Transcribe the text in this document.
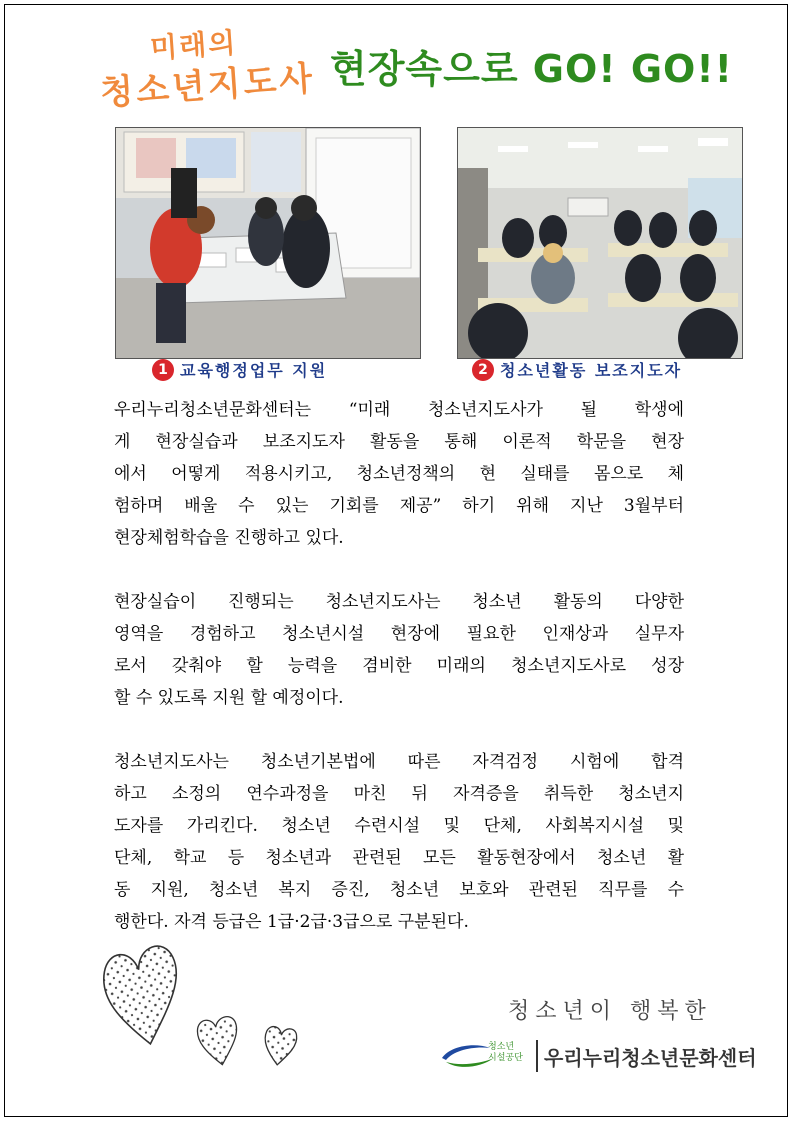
미래의
청소년지도사 현장속으로 GO! GO!!
1 교육행정업무 지원	2 청소년활동 보조지도자
우리누리청소년문화센터는 “미래 청소년지도사가 될 학생에
게 현장실습과 보조지도자 활동을 통해 이론적 학문을 현장
에서 어떻게 적용시키고, 청소년정책의 현 실태를 몸으로 체
험하며 배울 수 있는 기회를 제공” 하기 위해 지난 3월부터
현장체험학습을 진행하고 있다.
현장실습이 진행되는 청소년지도사는 청소년 활동의 다양한
영역을 경험하고 청소년시설 현장에 필요한 인재상과 실무자
로서 갖춰야 할 능력을 겸비한 미래의 청소년지도사로 성장
할 수 있도록 지원 할 예정이다.
청소년지도사는 청소년기본법에 따른 자격검정 시험에 합격
하고 소정의 연수과정을 마친 뒤 자격증을 취득한 청소년지
도자를 가리킨다. 청소년 수련시설 및 단체, 사회복지시설 및
단체, 학교 등 청소년과 관련된 모든 활동현장에서 청소년 활
동 지원, 청소년 복지 증진, 청소년 보호와 관련된 직무를 수
행한다. 자격 등급은 1급·2급·3급으로 구분된다.
청소년이 행복한
청소년
시설공단 우리누리청소년문화센터
